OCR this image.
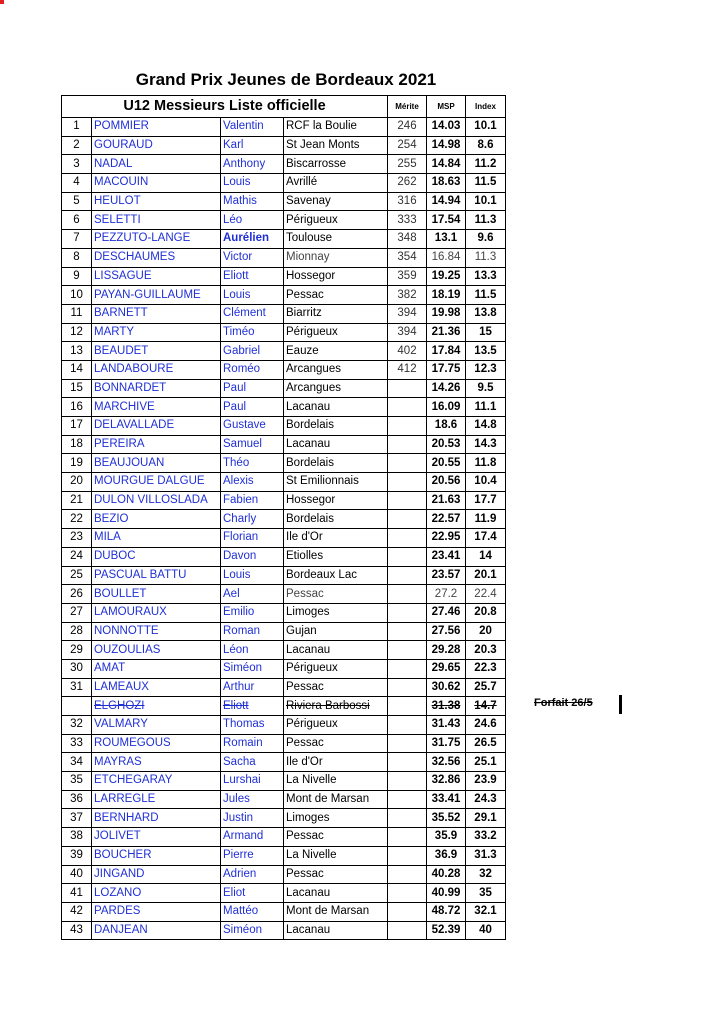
Grand Prix Jeunes de Bordeaux 2021
U12 Messieurs Liste officielle				Mérite	MSP	Index
1	POMMIER	Valentin	RCF la Boulie	246	14.03	10.1
2	GOURAUD	Karl	St Jean Monts	254	14.98	8.6
3	NADAL	Anthony	Biscarrosse	255	14.84	11.2
4	MACOUIN	Louis	Avrillé	262	18.63	11.5
5	HEULOT	Mathis	Savenay	316	14.94	10.1
6	SELETTI	Léo	Périgueux	333	17.54	11.3
7	PEZZUTO-LANGE	Aurélien	Toulouse	348	13.1	9.6
8	DESCHAUMES	Victor	Mionnay	354	16.84	11.3
9	LISSAGUE	Eliott	Hossegor	359	19.25	13.3
10	PAYAN-GUILLAUME	Louis	Pessac	382	18.19	11.5
11	BARNETT	Clément	Biarritz	394	19.98	13.8
12	MARTY	Timéo	Périgueux	394	21.36	15
13	BEAUDET	Gabriel	Eauze	402	17.84	13.5
14	LANDABOURE	Roméo	Arcangues	412	17.75	12.3
15	BONNARDET	Paul	Arcangues		14.26	9.5
16	MARCHIVE	Paul	Lacanau		16.09	11.1
17	DELAVALLADE	Gustave	Bordelais		18.6	14.8
18	PEREIRA	Samuel	Lacanau		20.53	14.3
19	BEAUJOUAN	Théo	Bordelais		20.55	11.8
20	MOURGUE DALGUE	Alexis	St Emilionnais		20.56	10.4
21	DULON VILLOSLADA	Fabien	Hossegor		21.63	17.7
22	BEZIO	Charly	Bordelais		22.57	11.9
23	MILA	Florian	Ile d'Or		22.95	17.4
24	DUBOC	Davon	Etiolles		23.41	14
25	PASCUAL BATTU	Louis	Bordeaux Lac		23.57	20.1
26	BOULLET	Ael	Pessac		27.2	22.4
27	LAMOURAUX	Emilio	Limoges		27.46	20.8
28	NONNOTTE	Roman	Gujan		27.56	20
29	OUZOULIAS	Léon	Lacanau		29.28	20.3
30	AMAT	Siméon	Périgueux		29.65	22.3
31	LAMEAUX	Arthur	Pessac		30.62	25.7
	ELGHOZI	Eliott	Riviera Barbossi		31.38	14.7
32	VALMARY	Thomas	Périgueux		31.43	24.6
33	ROUMEGOUS	Romain	Pessac		31.75	26.5
34	MAYRAS	Sacha	Ile d'Or		32.56	25.1
35	ETCHEGARAY	Lurshai	La Nivelle		32.86	23.9
36	LARREGLE	Jules	Mont de Marsan		33.41	24.3
37	BERNHARD	Justin	Limoges		35.52	29.1
38	JOLIVET	Armand	Pessac		35.9	33.2
39	BOUCHER	Pierre	La Nivelle		36.9	31.3
40	JINGAND	Adrien	Pessac		40.28	32
41	LOZANO	Eliot	Lacanau		40.99	35
42	PARDES	Mattéo	Mont de Marsan		48.72	32.1
43	DANJEAN	Siméon	Lacanau		52.39	40
Forfait 26/5
